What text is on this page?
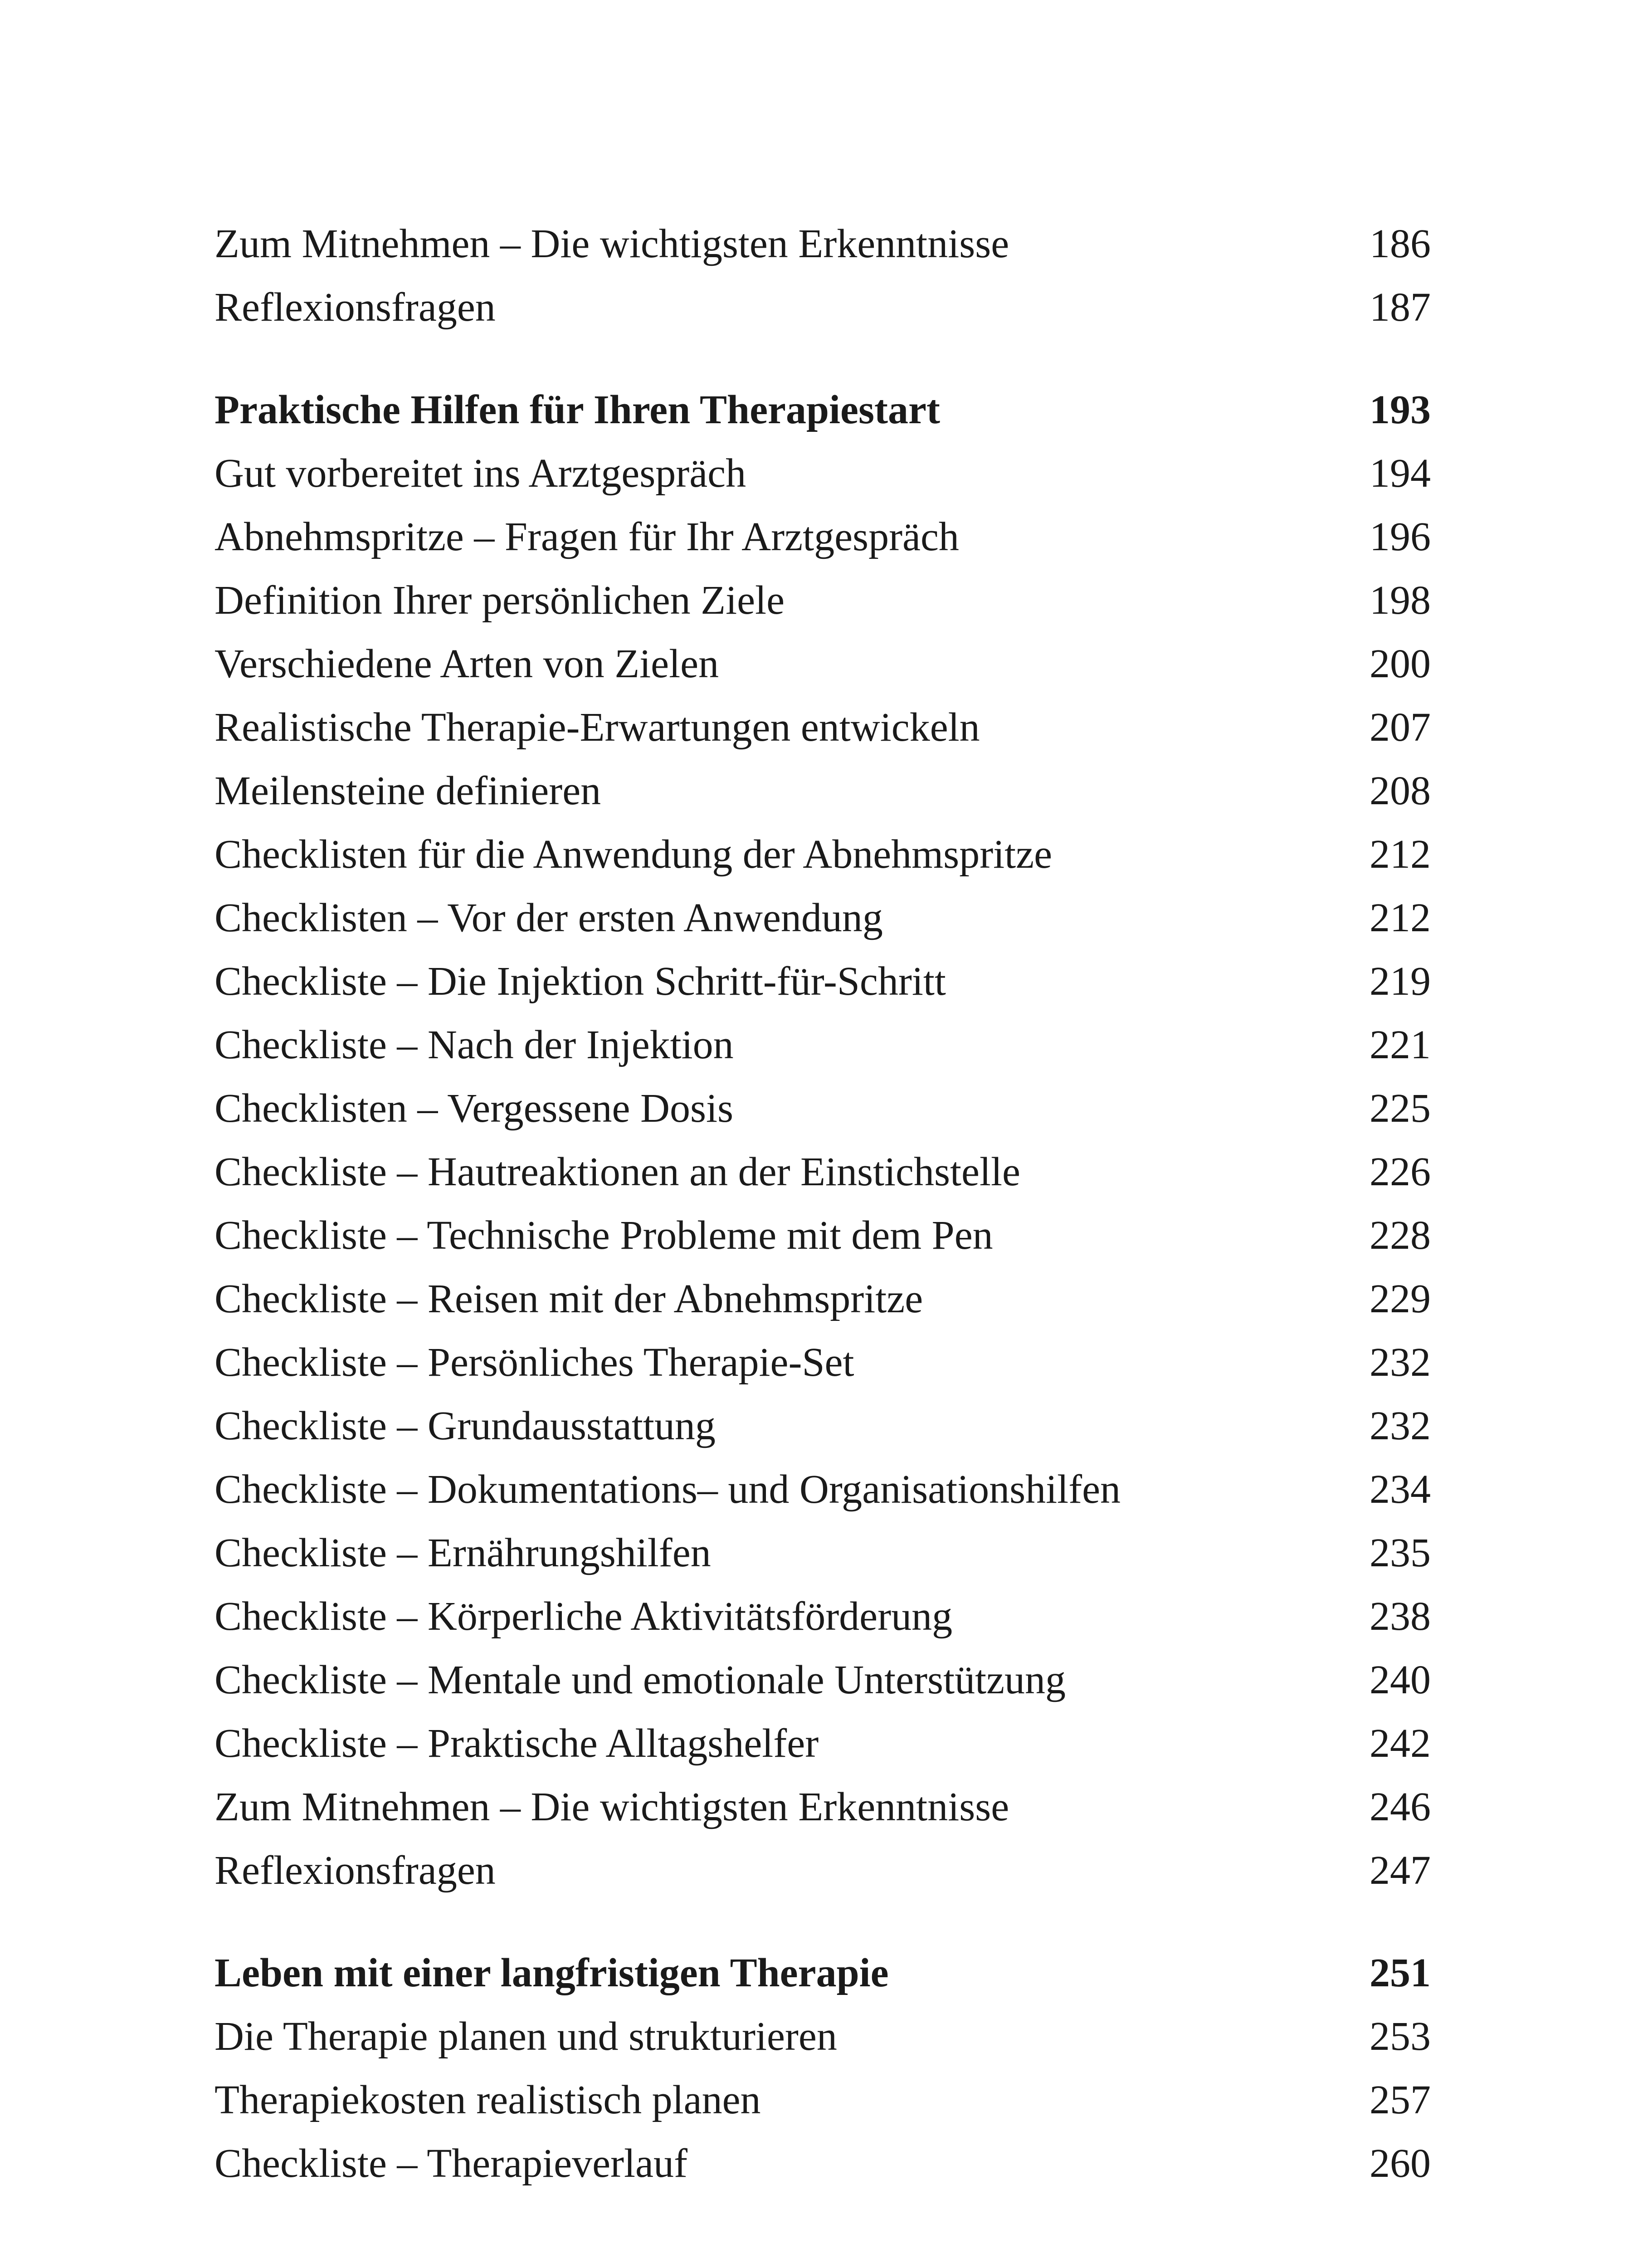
Zum Mitnehmen – Die wichtigsten Erkenntnisse	186
Reflexionsfragen	187
Praktische Hilfen für Ihren Therapiestart	193
Gut vorbereitet ins Arztgespräch	194
Abnehmspritze – Fragen für Ihr Arztgespräch	196
Definition Ihrer persönlichen Ziele	198
Verschiedene Arten von Zielen	200
Realistische Therapie-Erwartungen entwickeln	207
Meilensteine definieren	208
Checklisten für die Anwendung der Abnehmspritze	212
Checklisten – Vor der ersten Anwendung	212
Checkliste – Die Injektion Schritt-für-Schritt	219
Checkliste – Nach der Injektion	221
Checklisten – Vergessene Dosis	225
Checkliste – Hautreaktionen an der Einstichstelle	226
Checkliste – Technische Probleme mit dem Pen	228
Checkliste – Reisen mit der Abnehmspritze	229
Checkliste – Persönliches Therapie-Set	232
Checkliste – Grundausstattung	232
Checkliste – Dokumentations– und Organisationshilfen	234
Checkliste – Ernährungshilfen	235
Checkliste – Körperliche Aktivitätsförderung	238
Checkliste – Mentale und emotionale Unterstützung	240
Checkliste – Praktische Alltagshelfer	242
Zum Mitnehmen – Die wichtigsten Erkenntnisse	246
Reflexionsfragen	247
Leben mit einer langfristigen Therapie	251
Die Therapie planen und strukturieren	253
Therapiekosten realistisch planen	257
Checkliste – Therapieverlauf	260
